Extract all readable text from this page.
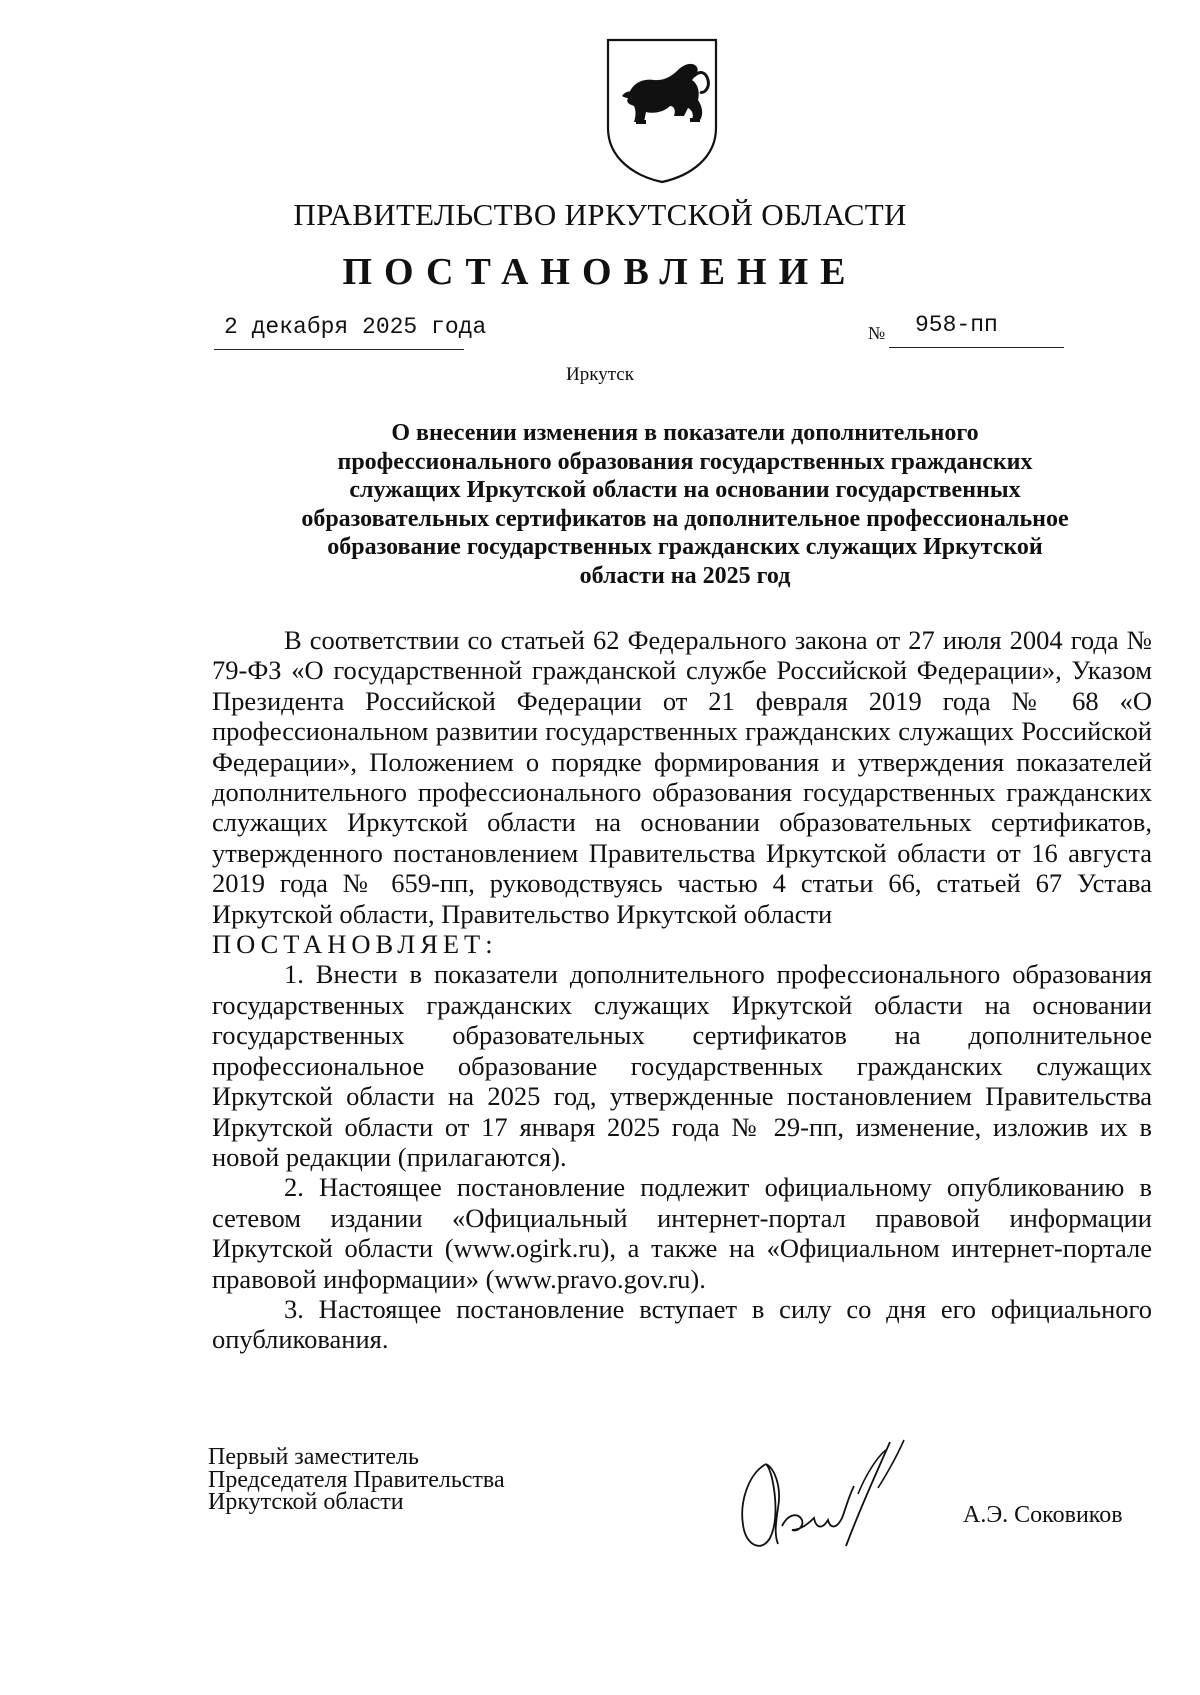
ПРАВИТЕЛЬСТВО ИРКУТСКОЙ ОБЛАСТИ
ПОСТАНОВЛЕНИЕ
2 декабря 2025 года	№ 958-пп
Иркутск
О внесении изменения в показатели дополнительного
профессионального образования государственных гражданских
служащих Иркутской области на основании государственных
образовательных сертификатов на дополнительное профессиональное
образование государственных гражданских служащих Иркутской
области на 2025 год

В соответствии со статьей 62 Федерального закона от 27 июля 2004 года № 79-ФЗ «О государственной гражданской службе Российской Федерации», Указом Президента Российской Федерации от 21 февраля 2019 года № 68 «О профессиональном развитии государственных гражданских служащих Российской Федерации», Положением о порядке формирования и утверждения показателей дополнительного профессионального образования государственных гражданских служащих Иркутской области на основании образовательных сертификатов, утвержденного постановлением Правительства Иркутской области от 16 августа 2019 года № 659-пп, руководствуясь частью 4 статьи 66, статьей 67 Устава Иркутской области, Правительство Иркутской области

ПОСТАНОВЛЯЕТ:

1. Внести в показатели дополнительного профессионального образования государственных гражданских служащих Иркутской области на основании государственных образовательных сертификатов на дополнительное профессиональное образование государственных гражданских служащих Иркутской области на 2025 год, утвержденные постановлением Правительства Иркутской области от 17 января 2025 года № 29-пп, изменение, изложив их в новой редакции (прилагаются).

2. Настоящее постановление подлежит официальному опубликованию в сетевом издании «Официальный интернет-портал правовой информации Иркутской области (www.ogirk.ru), а также на «Официальном интернет-портале правовой информации» (www.pravo.gov.ru).

3. Настоящее постановление вступает в силу со дня его официального опубликования.

Первый заместитель
Председателя Правительства
Иркутской области	А.Э. Соковиков
